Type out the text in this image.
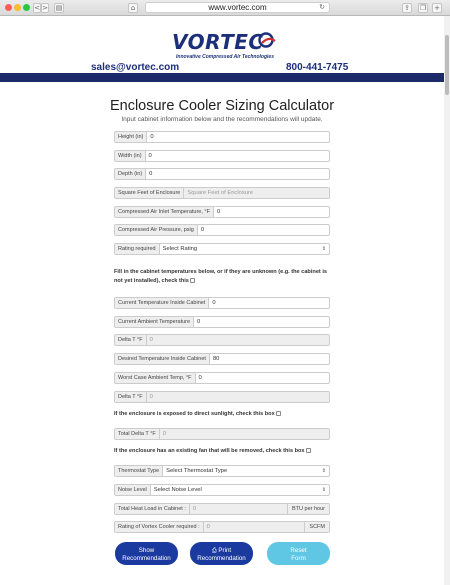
< > ▤	⌂	www.vortec.com	↻	⇪ ❐ +
VORTEC
Innovative Compressed Air Technologies
sales@vortec.com	800-441-7475
Enclosure Cooler Sizing Calculator
Input cabinet information below and the recommendations will update.
Height (in)	0
Width (in)	0
Depth (in)	0
Square Feet of Enclosure	Square Feet of Enclosure
Compressed Air Inlet Temperature, °F	0
Compressed Air Pressure, psig	0
Rating required	Select Rating	⇕
Fill in the cabinet temperatures below, or if they are unknown (e.g. the cabinet is not yet installed), check this
Current Temperature Inside Cabinet	0
Current Ambient Temperature	0
Delta T °F	0
Desired Temperature Inside Cabinet	80
Worst Case Ambient Temp, °F	0
Delta T °F	0
If the enclosure is exposed to direct sunlight, check this box
Total Delta T °F	0
If the enclosure has an existing fan that will be removed, check this box
Thermostat Type	Select Thermostat Type	⇕
Noise Level	Select Noise Level	⇕
Total Heat Load in Cabinet :	0	BTU per hour
Rating of Vortex Cooler required :	0	SCFM
Show
Recommendation
⎙ Print
Recommendation
Reset
Form
